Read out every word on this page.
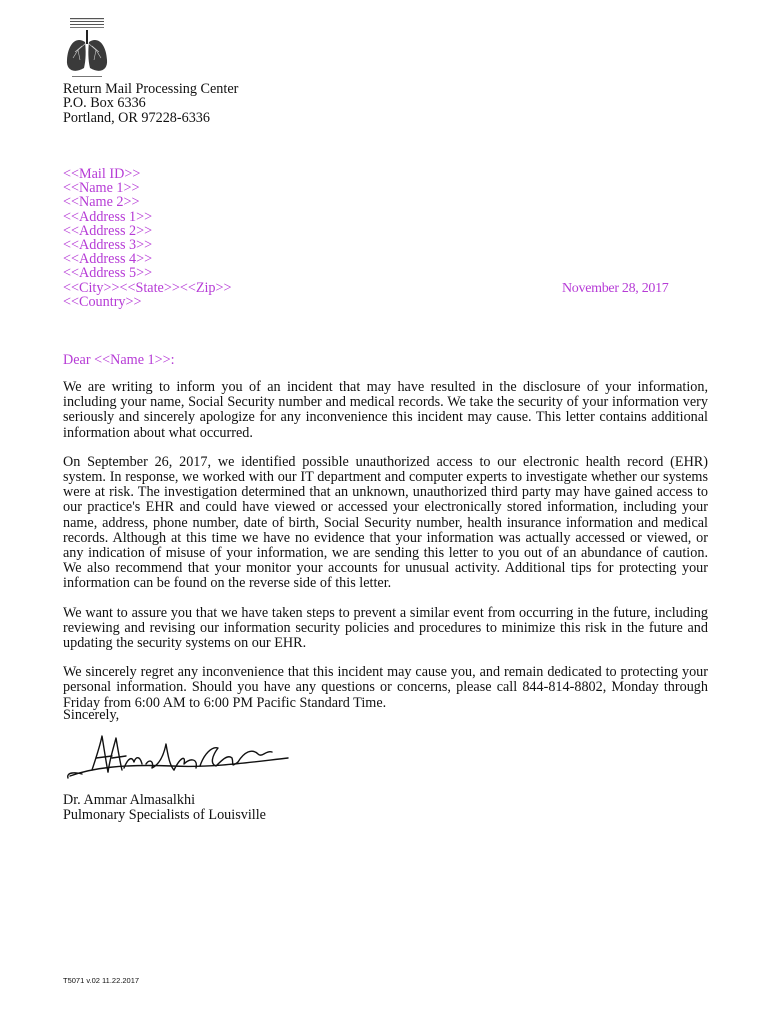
Return Mail Processing Center
P.O. Box 6336
Portland, OR 97228-6336
<<Mail ID>>
<<Name 1>>
<<Name 2>>
<<Address 1>>
<<Address 2>>
<<Address 3>>
<<Address 4>>
<<Address 5>>
<<City>><<State>><<Zip>>
<<Country>>
November 28, 2017
Dear <<Name 1>>:

We are writing to inform you of an incident that may have resulted in the disclosure of your information, including your name, Social Security number and medical records. We take the security of your information very seriously and sincerely apologize for any inconvenience this incident may cause. This letter contains additional information about what occurred.

On September 26, 2017, we identified possible unauthorized access to our electronic health record (EHR) system. In response, we worked with our IT department and computer experts to investigate whether our systems were at risk. The investigation determined that an unknown, unauthorized third party may have gained access to our practice's EHR and could have viewed or accessed your electronically stored information, including your name, address, phone number, date of birth, Social Security number, health insurance information and medical records. Although at this time we have no evidence that your information was actually accessed or viewed, or any indication of misuse of your information, we are sending this letter to you out of an abundance of caution. We also recommend that your monitor your accounts for unusual activity. Additional tips for protecting your information can be found on the reverse side of this letter.

We want to assure you that we have taken steps to prevent a similar event from occurring in the future, including reviewing and revising our information security policies and procedures to minimize this risk in the future and updating the security systems on our EHR.

We sincerely regret any inconvenience that this incident may cause you, and remain dedicated to protecting your personal information. Should you have any questions or concerns, please call 844-814-8802, Monday through Friday from 6:00 AM to 6:00 PM Pacific Standard Time.

Sincerely,
Dr. Ammar Almasalkhi
Pulmonary Specialists of Louisville
T5071 v.02 11.22.2017
